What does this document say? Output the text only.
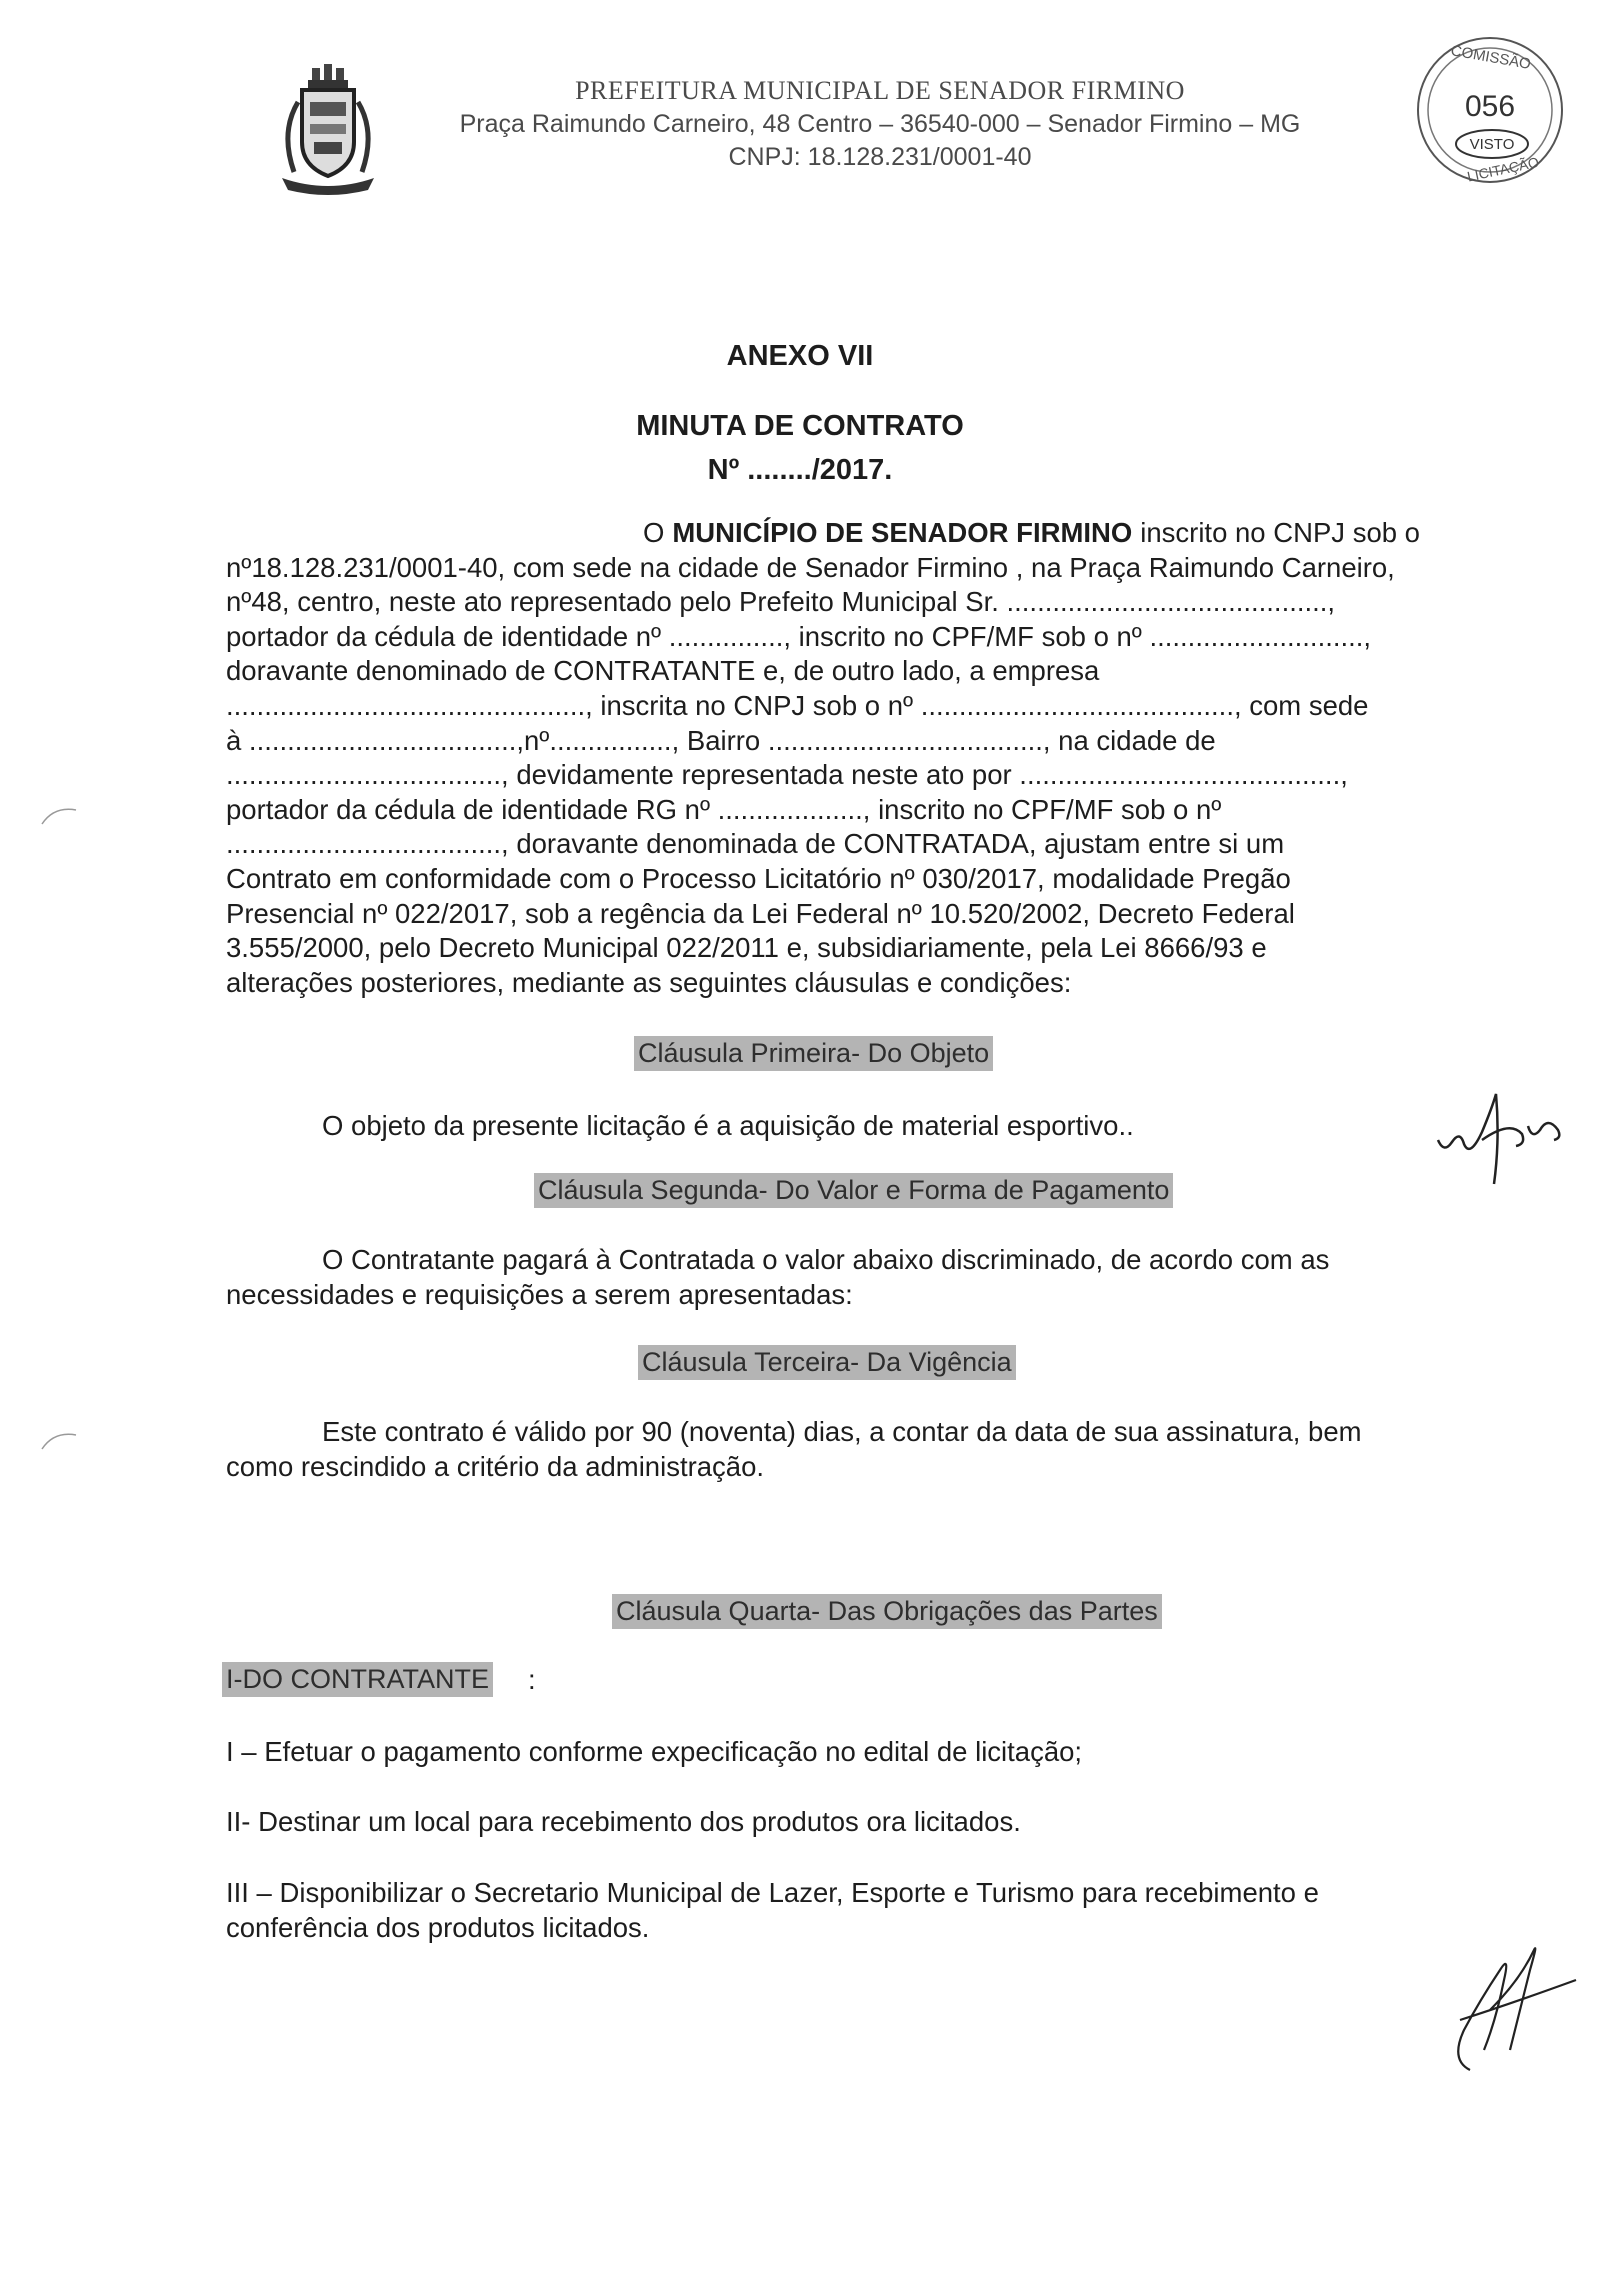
PREFEITURA MUNICIPAL DE SENADOR FIRMINO
Praça Raimundo Carneiro, 48 Centro – 36540-000 – Senador Firmino – MG
CNPJ: 18.128.231/0001-40
COMISSÃO
056
VISTO
LICITAÇÃO
ANEXO VII
MINUTA DE CONTRATO
Nº ......../2017.
O MUNICÍPIO DE SENADOR FIRMINO inscrito no CNPJ sob o
nº18.128.231/0001-40, com sede na cidade de Senador Firmino , na Praça Raimundo Carneiro,
nº48, centro, neste ato representado pelo Prefeito Municipal Sr. ..........................................,
portador da cédula de identidade nº ..............., inscrito no CPF/MF sob o nº ............................,
doravante denominado de CONTRATANTE e, de outro lado, a empresa
..............................................., inscrita no CNPJ sob o nº ........................................., com sede
à ...................................,nº................, Bairro ...................................., na cidade de
...................................., devidamente representada neste ato por ..........................................,
portador da cédula de identidade RG nº ..................., inscrito no CPF/MF sob o nº
...................................., doravante denominada de CONTRATADA, ajustam entre si um
Contrato em conformidade com o Processo Licitatório nº 030/2017, modalidade Pregão
Presencial nº 022/2017, sob a regência da Lei Federal nº 10.520/2002, Decreto Federal
3.555/2000, pelo Decreto Municipal 022/2011 e, subsidiariamente, pela Lei 8666/93 e
alterações posteriores, mediante as seguintes cláusulas e condições:
Cláusula Primeira- Do Objeto
O objeto da presente licitação é a aquisição de material esportivo..
Cláusula Segunda- Do Valor e Forma de Pagamento
O Contratante pagará à Contratada o valor abaixo discriminado, de acordo com as
necessidades e requisições a serem apresentadas:
Cláusula Terceira- Da Vigência
Este contrato é válido por 90 (noventa) dias, a contar da data de sua assinatura, bem
como rescindido a critério da administração.
Cláusula Quarta- Das Obrigações das Partes
I-DO CONTRATANTE :
I – Efetuar o pagamento conforme expecificação no edital de licitação;
II- Destinar um local para recebimento dos produtos ora licitados.
III – Disponibilizar o Secretario Municipal de Lazer, Esporte e Turismo para recebimento e
conferência dos produtos licitados.
